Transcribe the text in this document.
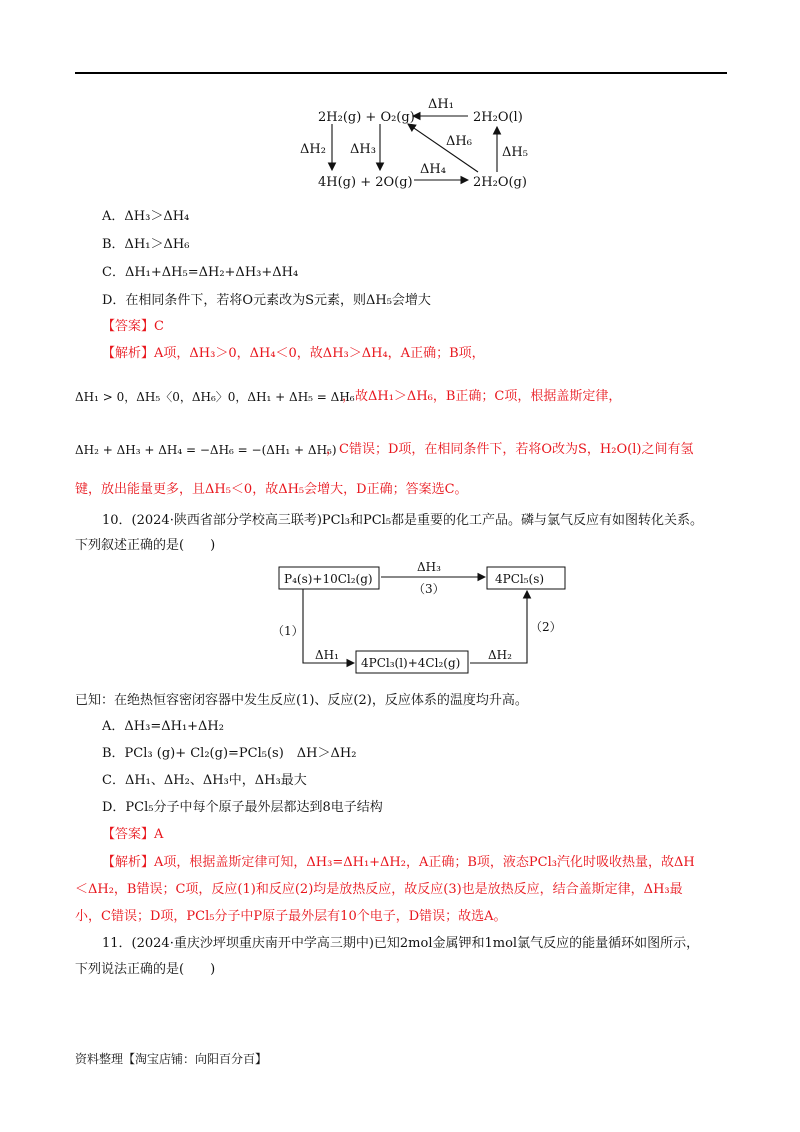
2H₂(g) + O₂(g)	2H₂O(l)
4H(g) + 2O(g)	2H₂O(g)
ΔH₁
ΔH₂ ΔH₃
ΔH₄
ΔH₅
ΔH₆
A．ΔH₃＞ΔH₄
B．ΔH₁＞ΔH₆
C．ΔH₁+ΔH₅=ΔH₂+ΔH₃+ΔH₄
D．在相同条件下，若将O元素改为S元素，则ΔH₅会增大
【答案】C
【解析】A项，ΔH₃＞0，ΔH₄＜0，故ΔH₃＞ΔH₄，A正确；B项，
ΔH₁ > 0，ΔH₅〈0，ΔH₆〉0，ΔH₁ + ΔH₅ = ΔH₆
，故ΔH₁＞ΔH₆，B正确；C项，根据盖斯定律，
ΔH₂ + ΔH₃ + ΔH₄ = −ΔH₆ = −(ΔH₁ + ΔH₅)
，C错误；D项，在相同条件下，若将O改为S，H₂O(l)之间有氢
键，放出能量更多，且ΔH₅＜0，故ΔH₅会增大，D正确；答案选C。
10．(2024·陕西省部分学校高三联考)PCl₃和PCl₅都是重要的化工产品。磷与氯气反应有如图转化关系。
下列叙述正确的是(　　)
P₄(s)+10Cl₂(g)	4PCl₅(s)
4PCl₃(l)+4Cl₂(g)
ΔH₃
（3）
（1）
ΔH₁
（2）
ΔH₂
已知：在绝热恒容密闭容器中发生反应(1)、反应(2)，反应体系的温度均升高。
A．ΔH₃=ΔH₁+ΔH₂
B．PCl₃ (g)+ Cl₂(g)=PCl₅(s)　ΔH＞ΔH₂
C．ΔH₁、ΔH₂、ΔH₃中，ΔH₃最大
D．PCl₅分子中每个原子最外层都达到8电子结构
【答案】A
【解析】A项，根据盖斯定律可知，ΔH₃=ΔH₁+ΔH₂，A正确；B项，液态PCl₃汽化时吸收热量，故ΔH
＜ΔH₂，B错误；C项，反应(1)和反应(2)均是放热反应，故反应(3)也是放热反应，结合盖斯定律，ΔH₃最
小，C错误；D项，PCl₅分子中P原子最外层有10个电子，D错误；故选A。
11．(2024·重庆沙坪坝重庆南开中学高三期中)已知2mol金属钾和1mol氯气反应的能量循环如图所示，
下列说法正确的是(　　)
资料整理【淘宝店铺：向阳百分百】
